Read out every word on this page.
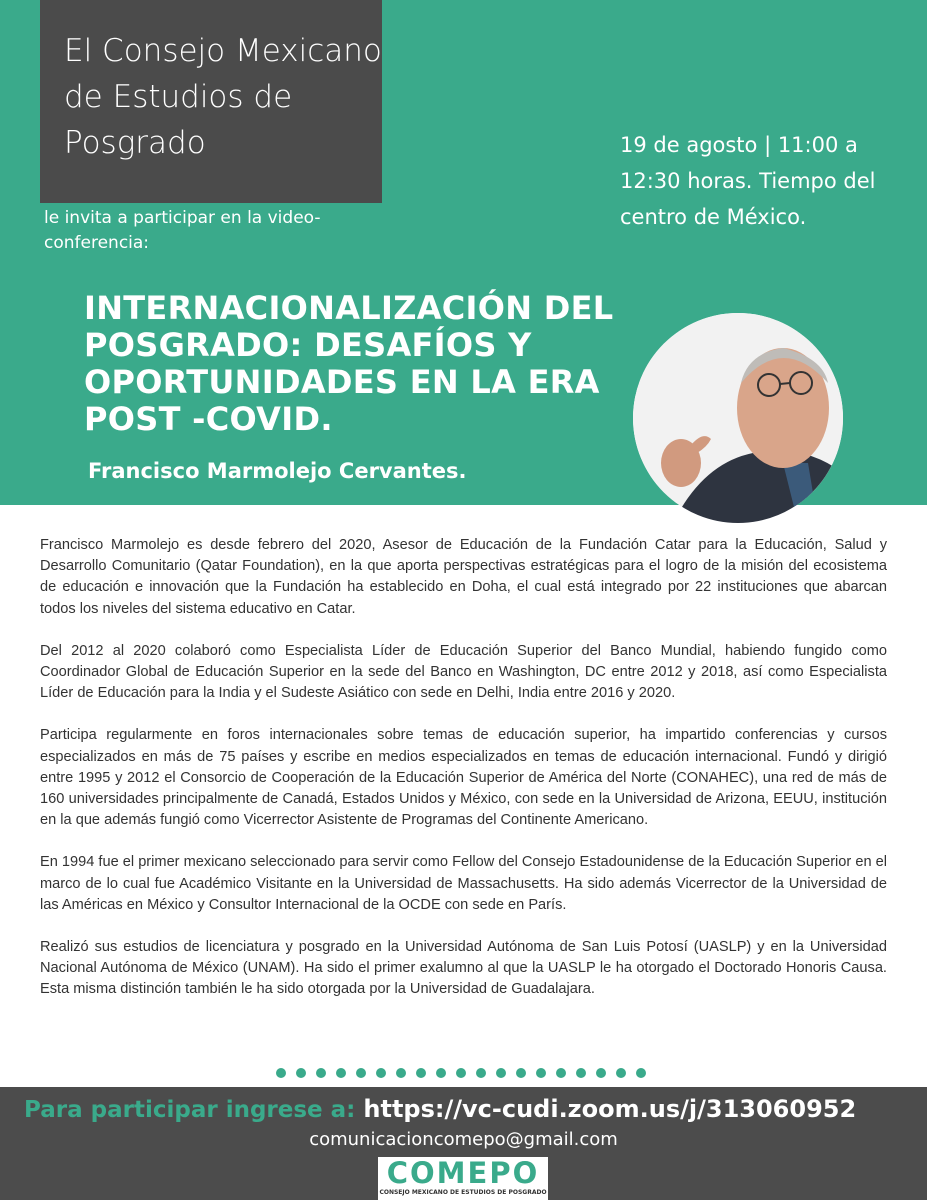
El Consejo Mexicano
de Estudios de
Posgrado
le invita a participar en la video-conferencia:
19 de agosto | 11:00 a 12:30 horas. Tiempo del centro de México.
INTERNACIONALIZACIÓN DEL POSGRADO: DESAFÍOS Y OPORTUNIDADES EN LA ERA POST -COVID.
Francisco Marmolejo Cervantes.

Francisco Marmolejo es desde febrero del 2020, Asesor de Educación de la Fundación Catar para la Educación, Salud y Desarrollo Comunitario (Qatar Foundation), en la que aporta perspectivas estratégicas para el logro de la misión del ecosistema de educación e innovación que la Fundación ha establecido en Doha, el cual está integrado por 22 instituciones que abarcan todos los niveles del sistema educativo en Catar.

Del 2012 al 2020 colaboró como Especialista Líder de Educación Superior del Banco Mundial, habiendo fungido como Coordinador Global de Educación Superior en la sede del Banco en Washington, DC entre 2012 y 2018, así como Especialista Líder de Educación para la India y el Sudeste Asiático con sede en Delhi, India entre 2016 y 2020.

Participa regularmente en foros internacionales sobre temas de educación superior, ha impartido conferencias y cursos especializados en más de 75 países y escribe en medios especializados en temas de educación internacional. Fundó y dirigió entre 1995 y 2012 el Consorcio de Cooperación de la Educación Superior de América del Norte (CONAHEC), una red de más de 160 universidades principalmente de Canadá, Estados Unidos y México, con sede en la Universidad de Arizona, EEUU, institución en la que además fungió como Vicerrector Asistente de Programas del Continente Americano.

En 1994 fue el primer mexicano seleccionado para servir como Fellow del Consejo Estadounidense de la Educación Superior en el marco de lo cual fue Académico Visitante en la Universidad de Massachusetts. Ha sido además Vicerrector de la Universidad de las Américas en México y Consultor Internacional de la OCDE con sede en París.

Realizó sus estudios de licenciatura y posgrado en la Universidad Autónoma de San Luis Potosí (UASLP) y en la Universidad Nacional Autónoma de México (UNAM). Ha sido el primer exalumno al que la UASLP le ha otorgado el Doctorado Honoris Causa. Esta misma distinción también le ha sido otorgada por la Universidad de Guadalajara.

Para participar ingrese a: https://vc-cudi.zoom.us/j/313060952
comunicacioncomepo@gmail.com
COMEPO
CONSEJO MEXICANO DE ESTUDIOS DE POSGRADO
